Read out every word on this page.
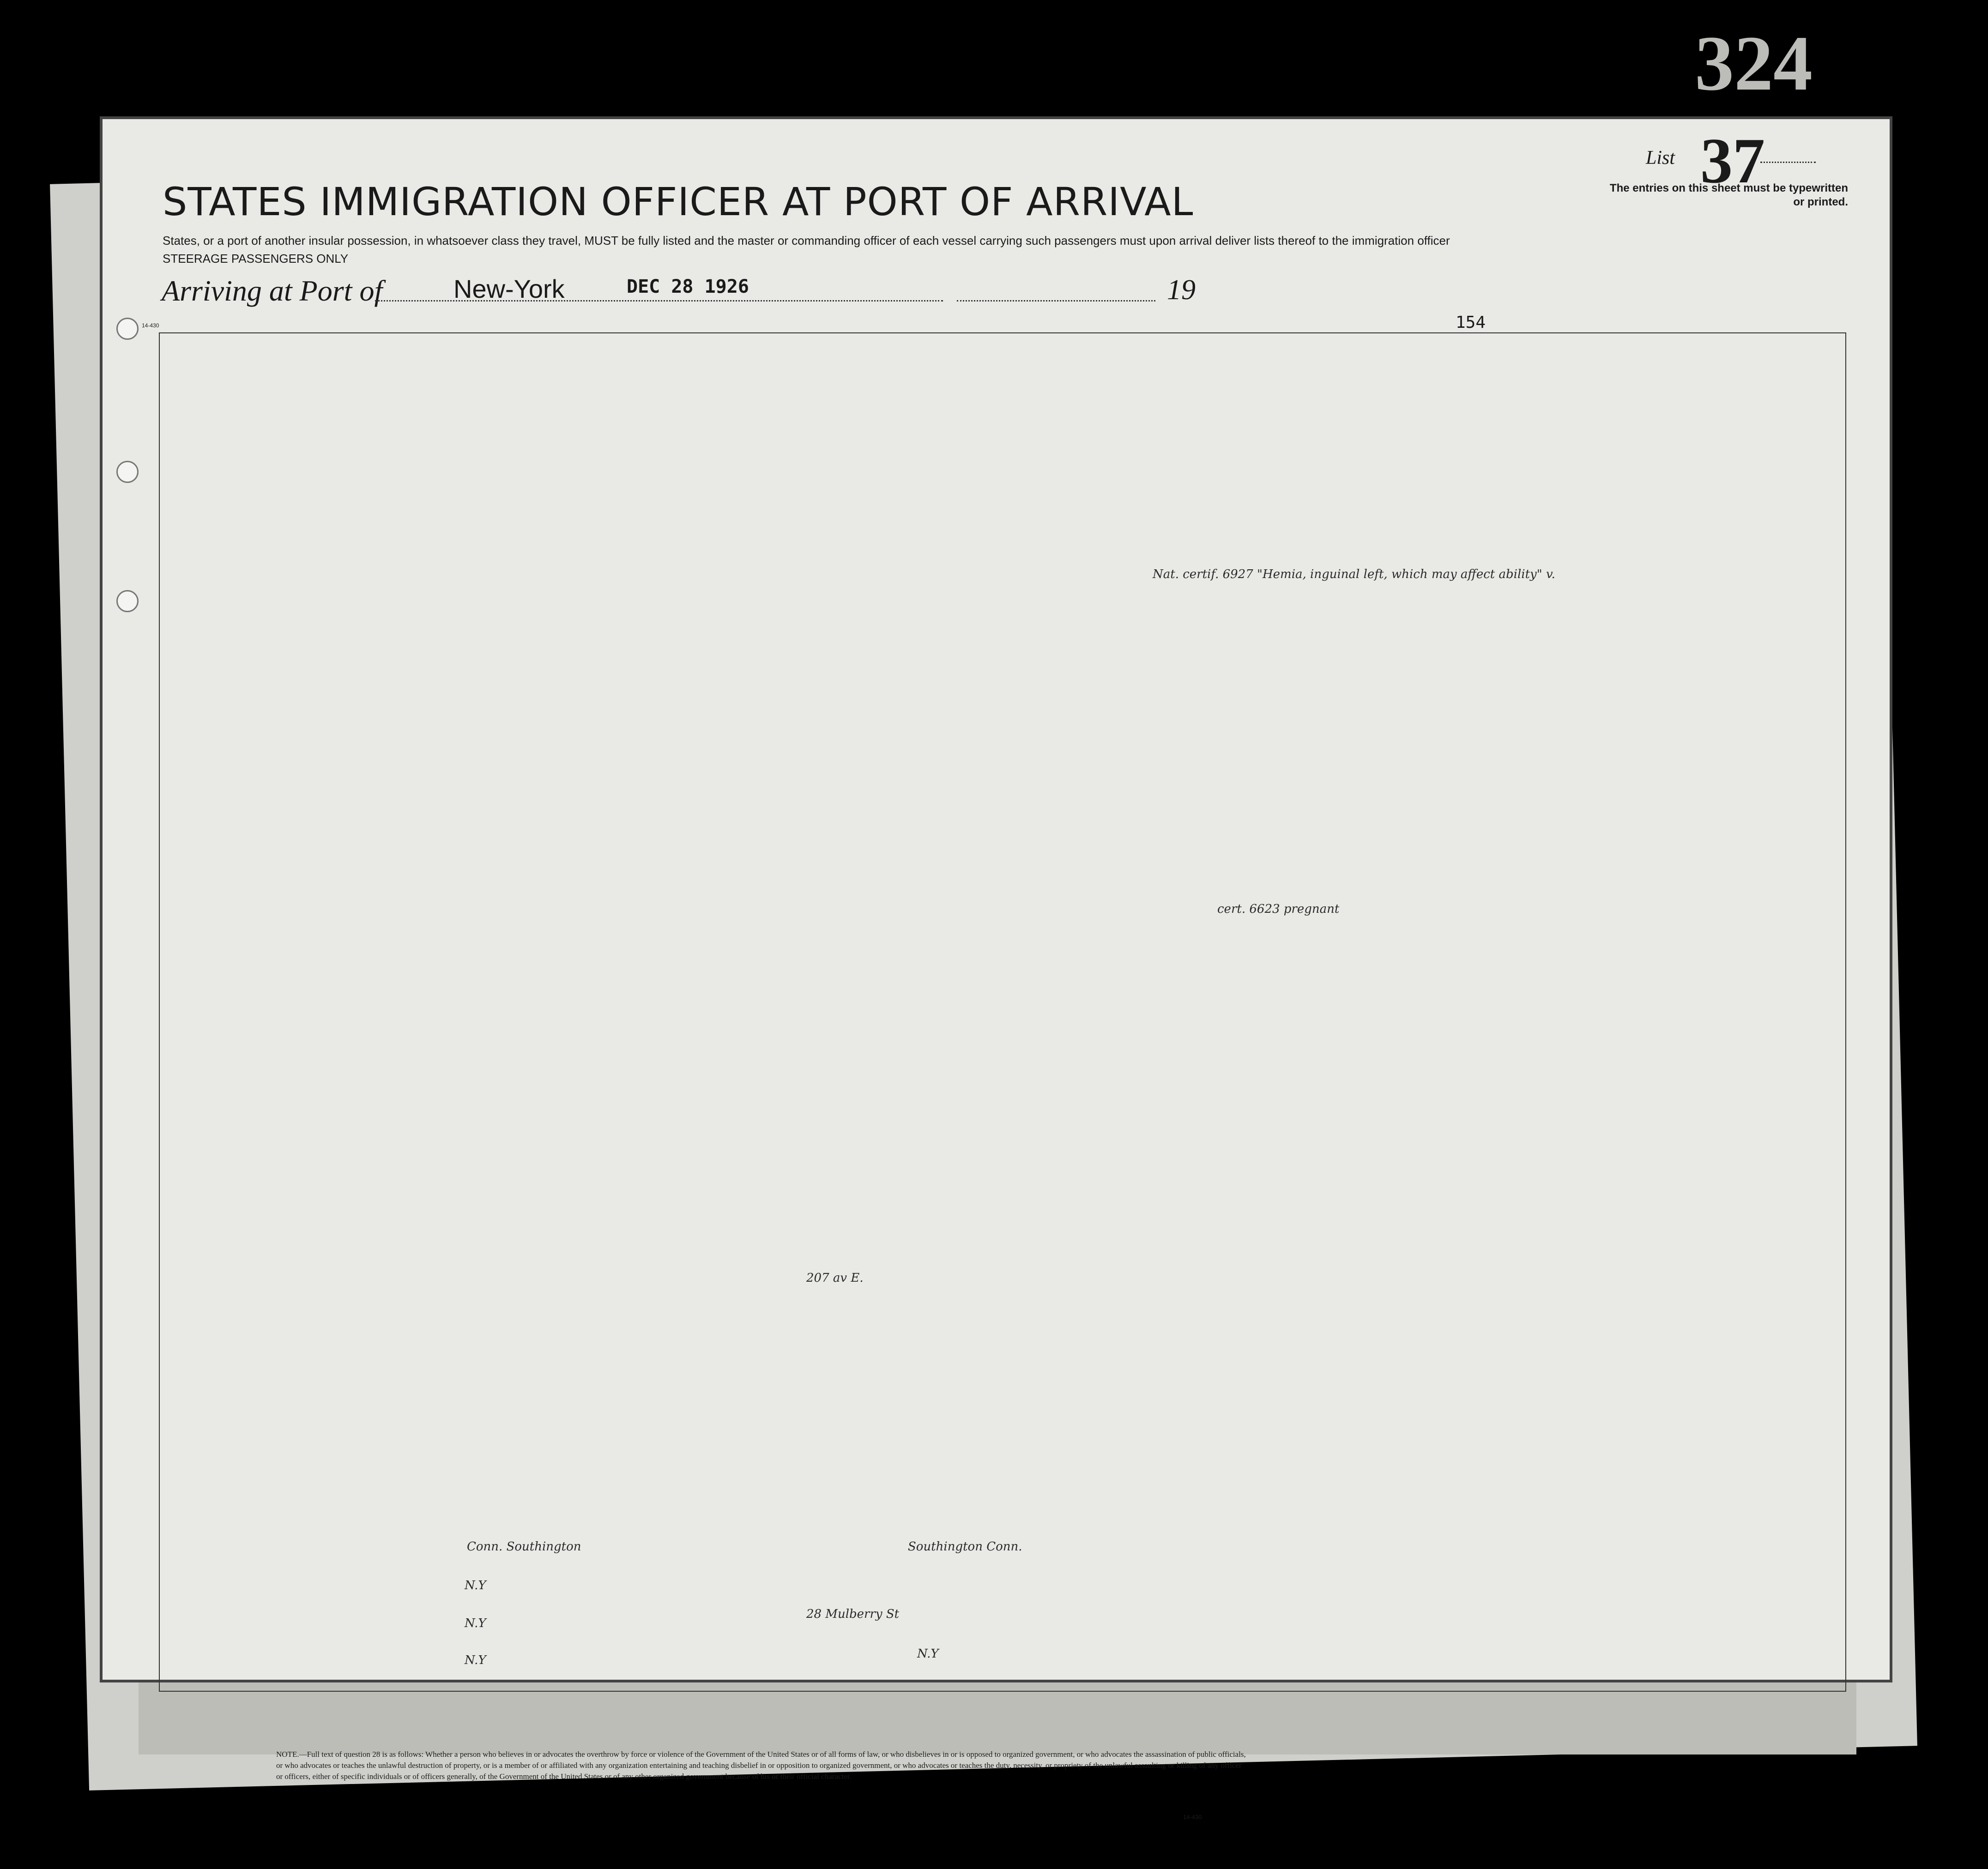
324
List 37
The entries on this sheet must be typewritten or printed.
STATES IMMIGRATION OFFICER AT PORT OF ARRIVAL
States, or a port of another insular possession, in whatsoever class they travel, MUST be fully listed and the master or commanding officer of each vessel carrying such passengers must upon arrival deliver lists thereof to the immigration officer
STEERAGE PASSENGERS ONLY
Arriving at Port of	New-York	DEC 28 1926	19
14-430	154
Nat. certif. 6927 "Hemia, inguinal left, which may affect ability" v.
cert. 6623 pregnant
207 av E.
Conn. Southington	Southington Conn.
N.Y
28 Mulberry St
N.Y
N.Y
N.Y
NOTE.—Full text of question 28 is as follows: Whether a person who believes in or advocates the overthrow by force or violence of the Government of the United States or of all forms of law, or who disbelieves in or is opposed to organized government, or who advocates the assassination of public officials, or who advocates or teaches the unlawful destruction of property, or is a member of or affiliated with any organization entertaining and teaching disbelief in or opposition to organized government, or who advocates or teaches the duty, necessity, or propriety of the unlawful assaulting or killing of any officer or officers, either of specific individuals or of officers generally, of the Government of the United States or of any other organized government because of his or their official character.
14-430
